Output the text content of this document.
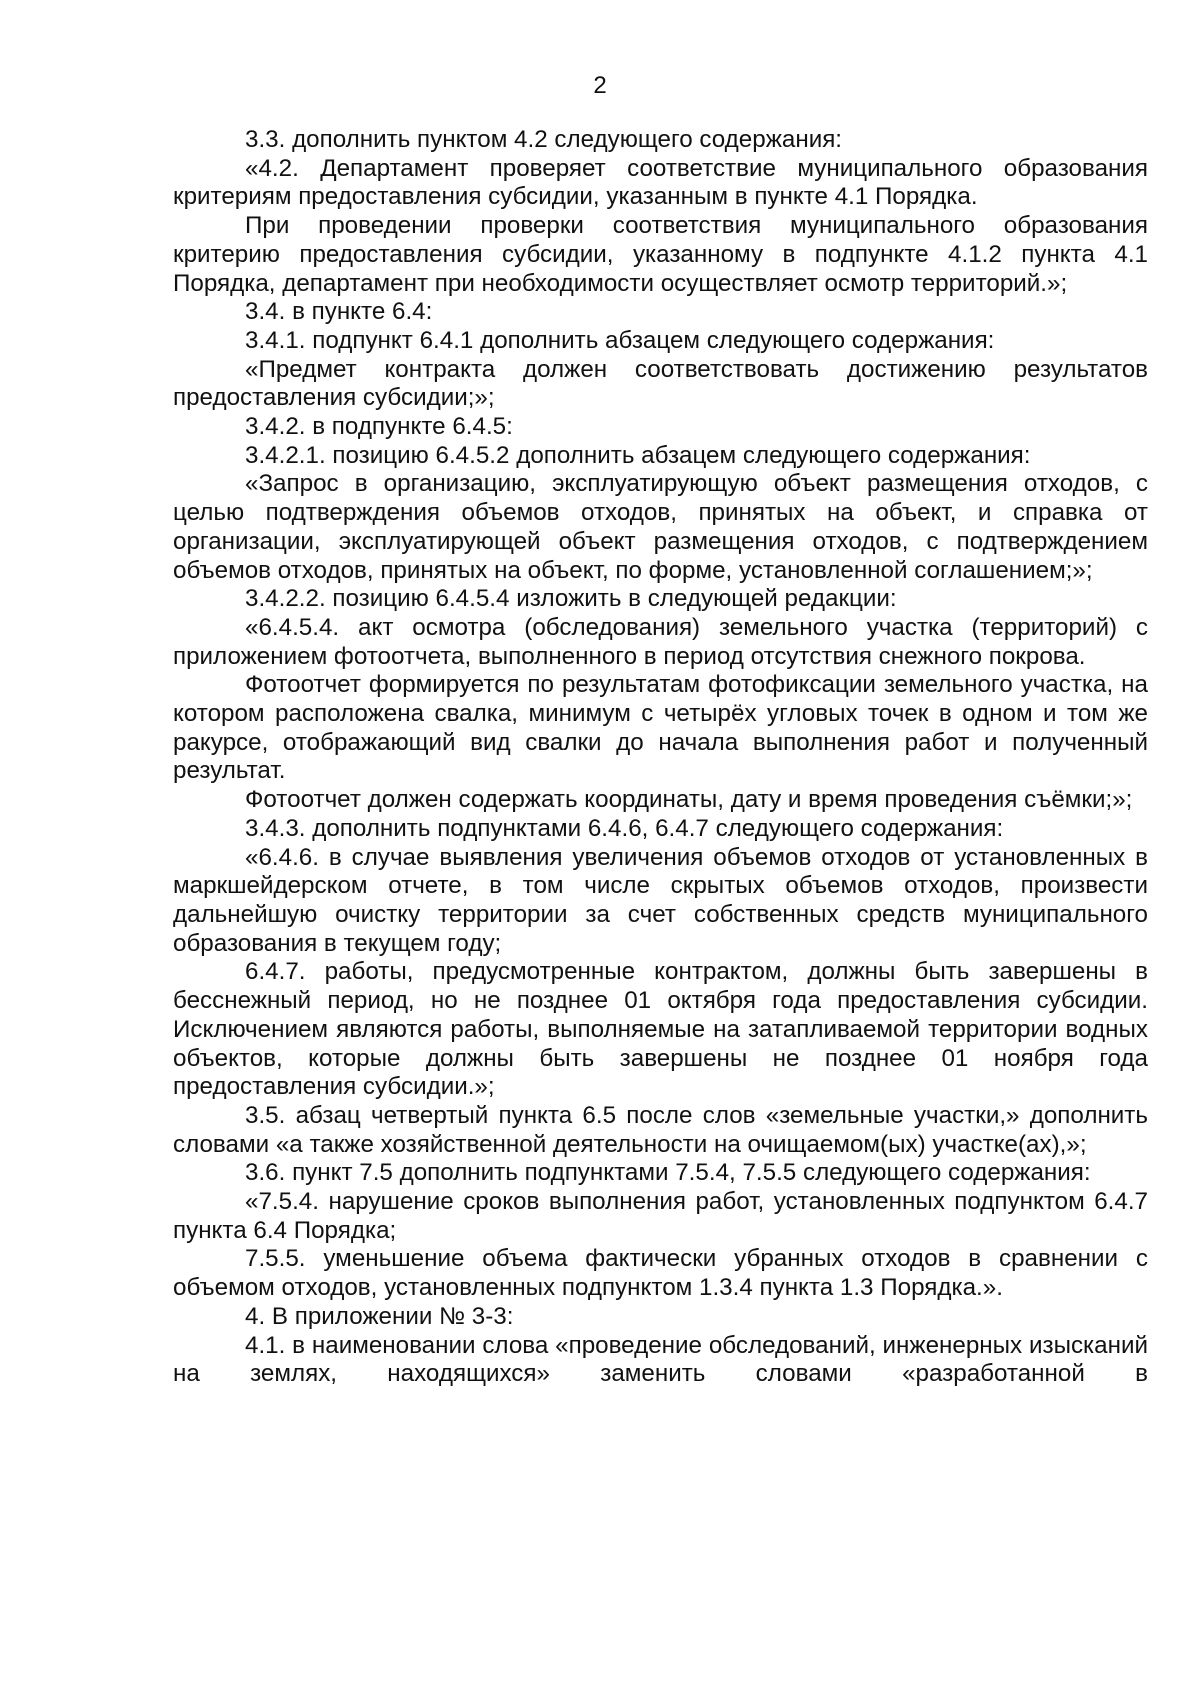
2

3.3. дополнить пунктом 4.2 следующего содержания:

«4.2. Департамент проверяет соответствие муниципального образования критериям предоставления субсидии, указанным в пункте 4.1 Порядка.

При проведении проверки соответствия муниципального образования критерию предоставления субсидии, указанному в подпункте 4.1.2 пункта 4.1 Порядка, департамент при необходимости осуществляет осмотр территорий.»;

3.4. в пункте 6.4:

3.4.1. подпункт 6.4.1 дополнить абзацем следующего содержания:

«Предмет контракта должен соответствовать достижению результатов предоставления субсидии;»;

3.4.2. в подпункте 6.4.5:

3.4.2.1. позицию 6.4.5.2 дополнить абзацем следующего содержания:

«Запрос в организацию, эксплуатирующую объект размещения отходов, с целью подтверждения объемов отходов, принятых на объект, и справка от организации, эксплуатирующей объект размещения отходов, с подтверждением объемов отходов, принятых на объект, по форме, установленной соглашением;»;

3.4.2.2. позицию 6.4.5.4 изложить в следующей редакции:

«6.4.5.4. акт осмотра (обследования) земельного участка (территорий) с приложением фотоотчета, выполненного в период отсутствия снежного покрова.

Фотоотчет формируется по результатам фотофиксации земельного участка, на котором расположена свалка, минимум с четырёх угловых точек в одном и том же ракурсе, отображающий вид свалки до начала выполнения работ и полученный результат.

Фотоотчет должен содержать координаты, дату и время проведения съёмки;»;

3.4.3. дополнить подпунктами 6.4.6, 6.4.7 следующего содержания:

«6.4.6. в случае выявления увеличения объемов отходов от установленных в маркшейдерском отчете, в том числе скрытых объемов отходов, произвести дальнейшую очистку территории за счет собственных средств муниципального образования в текущем году;

6.4.7. работы, предусмотренные контрактом, должны быть завершены в бесснежный период, но не позднее 01 октября года предоставления субсидии. Исключением являются работы, выполняемые на затапливаемой территории водных объектов, которые должны быть завершены не позднее 01 ноября года предоставления субсидии.»;

3.5. абзац четвертый пункта 6.5 после слов «земельные участки,» дополнить словами «а также хозяйственной деятельности на очищаемом(ых) участке(ах),»;

3.6. пункт 7.5 дополнить подпунктами 7.5.4, 7.5.5 следующего содержания:

«7.5.4. нарушение сроков выполнения работ, установленных подпунктом 6.4.7 пункта 6.4 Порядка;

7.5.5. уменьшение объема фактически убранных отходов в сравнении с объемом отходов, установленных подпунктом 1.3.4 пункта 1.3 Порядка.».

4. В приложении № 3-3:

4.1. в наименовании слова «проведение обследований, инженерных изысканий на землях, находящихся» заменить словами «разработанной в
